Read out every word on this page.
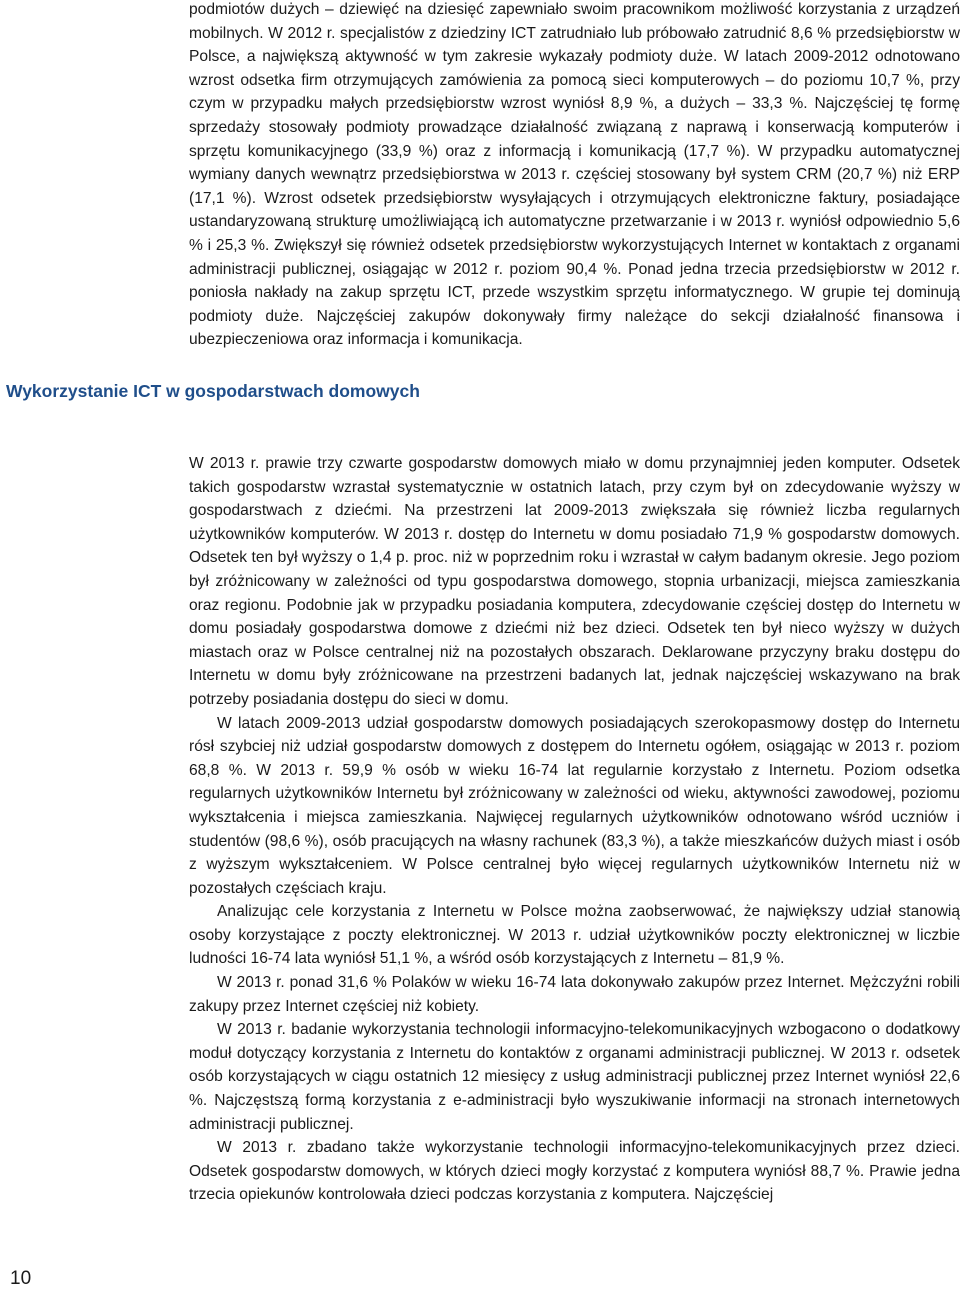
podmiotów dużych – dziewięć na dziesięć zapewniało swoim pracownikom możliwość korzystania z urządzeń mobilnych. W 2012 r. specjalistów z dziedziny ICT zatrudniało lub próbowało zatrudnić 8,6 % przedsiębiorstw w Polsce, a największą aktywność w tym zakresie wykazały podmioty duże. W latach 2009-2012 odnotowano wzrost odsetka firm otrzymujących zamówienia za pomocą sieci komputerowych – do poziomu 10,7 %, przy czym w przypadku małych przedsiębiorstw wzrost wyniósł 8,9 %, a dużych – 33,3 %. Najczęściej tę formę sprzedaży stosowały podmioty prowadzące działalność związaną z naprawą i konserwacją komputerów i sprzętu komunikacyjnego (33,9 %) oraz z informacją i komunikacją (17,7 %). W przypadku automatycznej wymiany danych wewnątrz przedsiębiorstwa w 2013 r. częściej stosowany był system CRM (20,7 %) niż ERP (17,1 %). Wzrost odsetek przedsiębiorstw wysyłających i otrzymujących elektroniczne faktury, posiadające ustandaryzowaną strukturę umożliwiającą ich automatyczne przetwarzanie i w 2013 r. wyniósł odpowiednio 5,6 % i 25,3 %. Zwiększył się również odsetek przedsiębiorstw wykorzystujących Internet w kontaktach z organami administracji publicznej, osiągając w 2012 r. poziom 90,4 %. Ponad jedna trzecia przedsiębiorstw w 2012 r. poniosła nakłady na zakup sprzętu ICT, przede wszystkim sprzętu informatycznego. W grupie tej dominują podmioty duże. Najczęściej zakupów dokonywały firmy należące do sekcji działalność finansowa i ubezpieczeniowa oraz informacja i komunikacja.

Wykorzystanie ICT w gospodarstwach domowych

W 2013 r. prawie trzy czwarte gospodarstw domowych miało w domu przynajmniej jeden komputer. Odsetek takich gospodarstw wzrastał systematycznie w ostatnich latach, przy czym był on zdecydowanie wyższy w gospodarstwach z dziećmi. Na przestrzeni lat 2009-2013 zwiększała się również liczba regularnych użytkowników komputerów. W 2013 r. dostęp do Internetu w domu posiadało 71,9 % gospodarstw domowych. Odsetek ten był wyższy o 1,4 p. proc. niż w poprzednim roku i wzrastał w całym badanym okresie. Jego poziom był zróżnicowany w zależności od typu gospodarstwa domowego, stopnia urbanizacji, miejsca zamieszkania oraz regionu. Podobnie jak w przypadku posiadania komputera, zdecydowanie częściej dostęp do Internetu w domu posiadały gospodarstwa domowe z dziećmi niż bez dzieci. Odsetek ten był nieco wyższy w dużych miastach oraz w Polsce centralnej niż na pozostałych obszarach. Deklarowane przyczyny braku dostępu do Internetu w domu były zróżnicowane na przestrzeni badanych lat, jednak najczęściej wskazywano na brak potrzeby posiadania dostępu do sieci w domu.

W latach 2009-2013 udział gospodarstw domowych posiadających szerokopasmowy dostęp do Internetu rósł szybciej niż udział gospodarstw domowych z dostępem do Internetu ogółem, osiągając w 2013 r. poziom 68,8 %. W 2013 r. 59,9 % osób w wieku 16-74 lat regularnie korzystało z Internetu. Poziom odsetka regularnych użytkowników Internetu był zróżnicowany w zależności od wieku, aktywności zawodowej, poziomu wykształcenia i miejsca zamieszkania. Najwięcej regularnych użytkowników odnotowano wśród uczniów i studentów (98,6 %), osób pracujących na własny rachunek (83,3 %), a także mieszkańców dużych miast i osób z wyższym wykształceniem. W Polsce centralnej było więcej regularnych użytkowników Internetu niż w pozostałych częściach kraju.

Analizując cele korzystania z Internetu w Polsce można zaobserwować, że największy udział stanowią osoby korzystające z poczty elektronicznej. W 2013 r. udział użytkowników poczty elektronicznej w liczbie ludności 16-74 lata wyniósł 51,1 %, a wśród osób korzystających z Internetu – 81,9 %.

W 2013 r. ponad 31,6 % Polaków w wieku 16-74 lata dokonywało zakupów przez Internet. Mężczyźni robili zakupy przez Internet częściej niż kobiety.

W 2013 r. badanie wykorzystania technologii informacyjno-telekomunikacyjnych wzbogacono o dodatkowy moduł dotyczący korzystania z Internetu do kontaktów z organami administracji publicznej. W 2013 r. odsetek osób korzystających w ciągu ostatnich 12 miesięcy z usług administracji publicznej przez Internet wyniósł 22,6 %. Najczęstszą formą korzystania z e-administracji było wyszukiwanie informacji na stronach internetowych administracji publicznej.

W 2013 r. zbadano także wykorzystanie technologii informacyjno-telekomunikacyjnych przez dzieci. Odsetek gospodarstw domowych, w których dzieci mogły korzystać z komputera wyniósł 88,7 %. Prawie jedna trzecia opiekunów kontrolowała dzieci podczas korzystania z komputera. Najczęściej

10
